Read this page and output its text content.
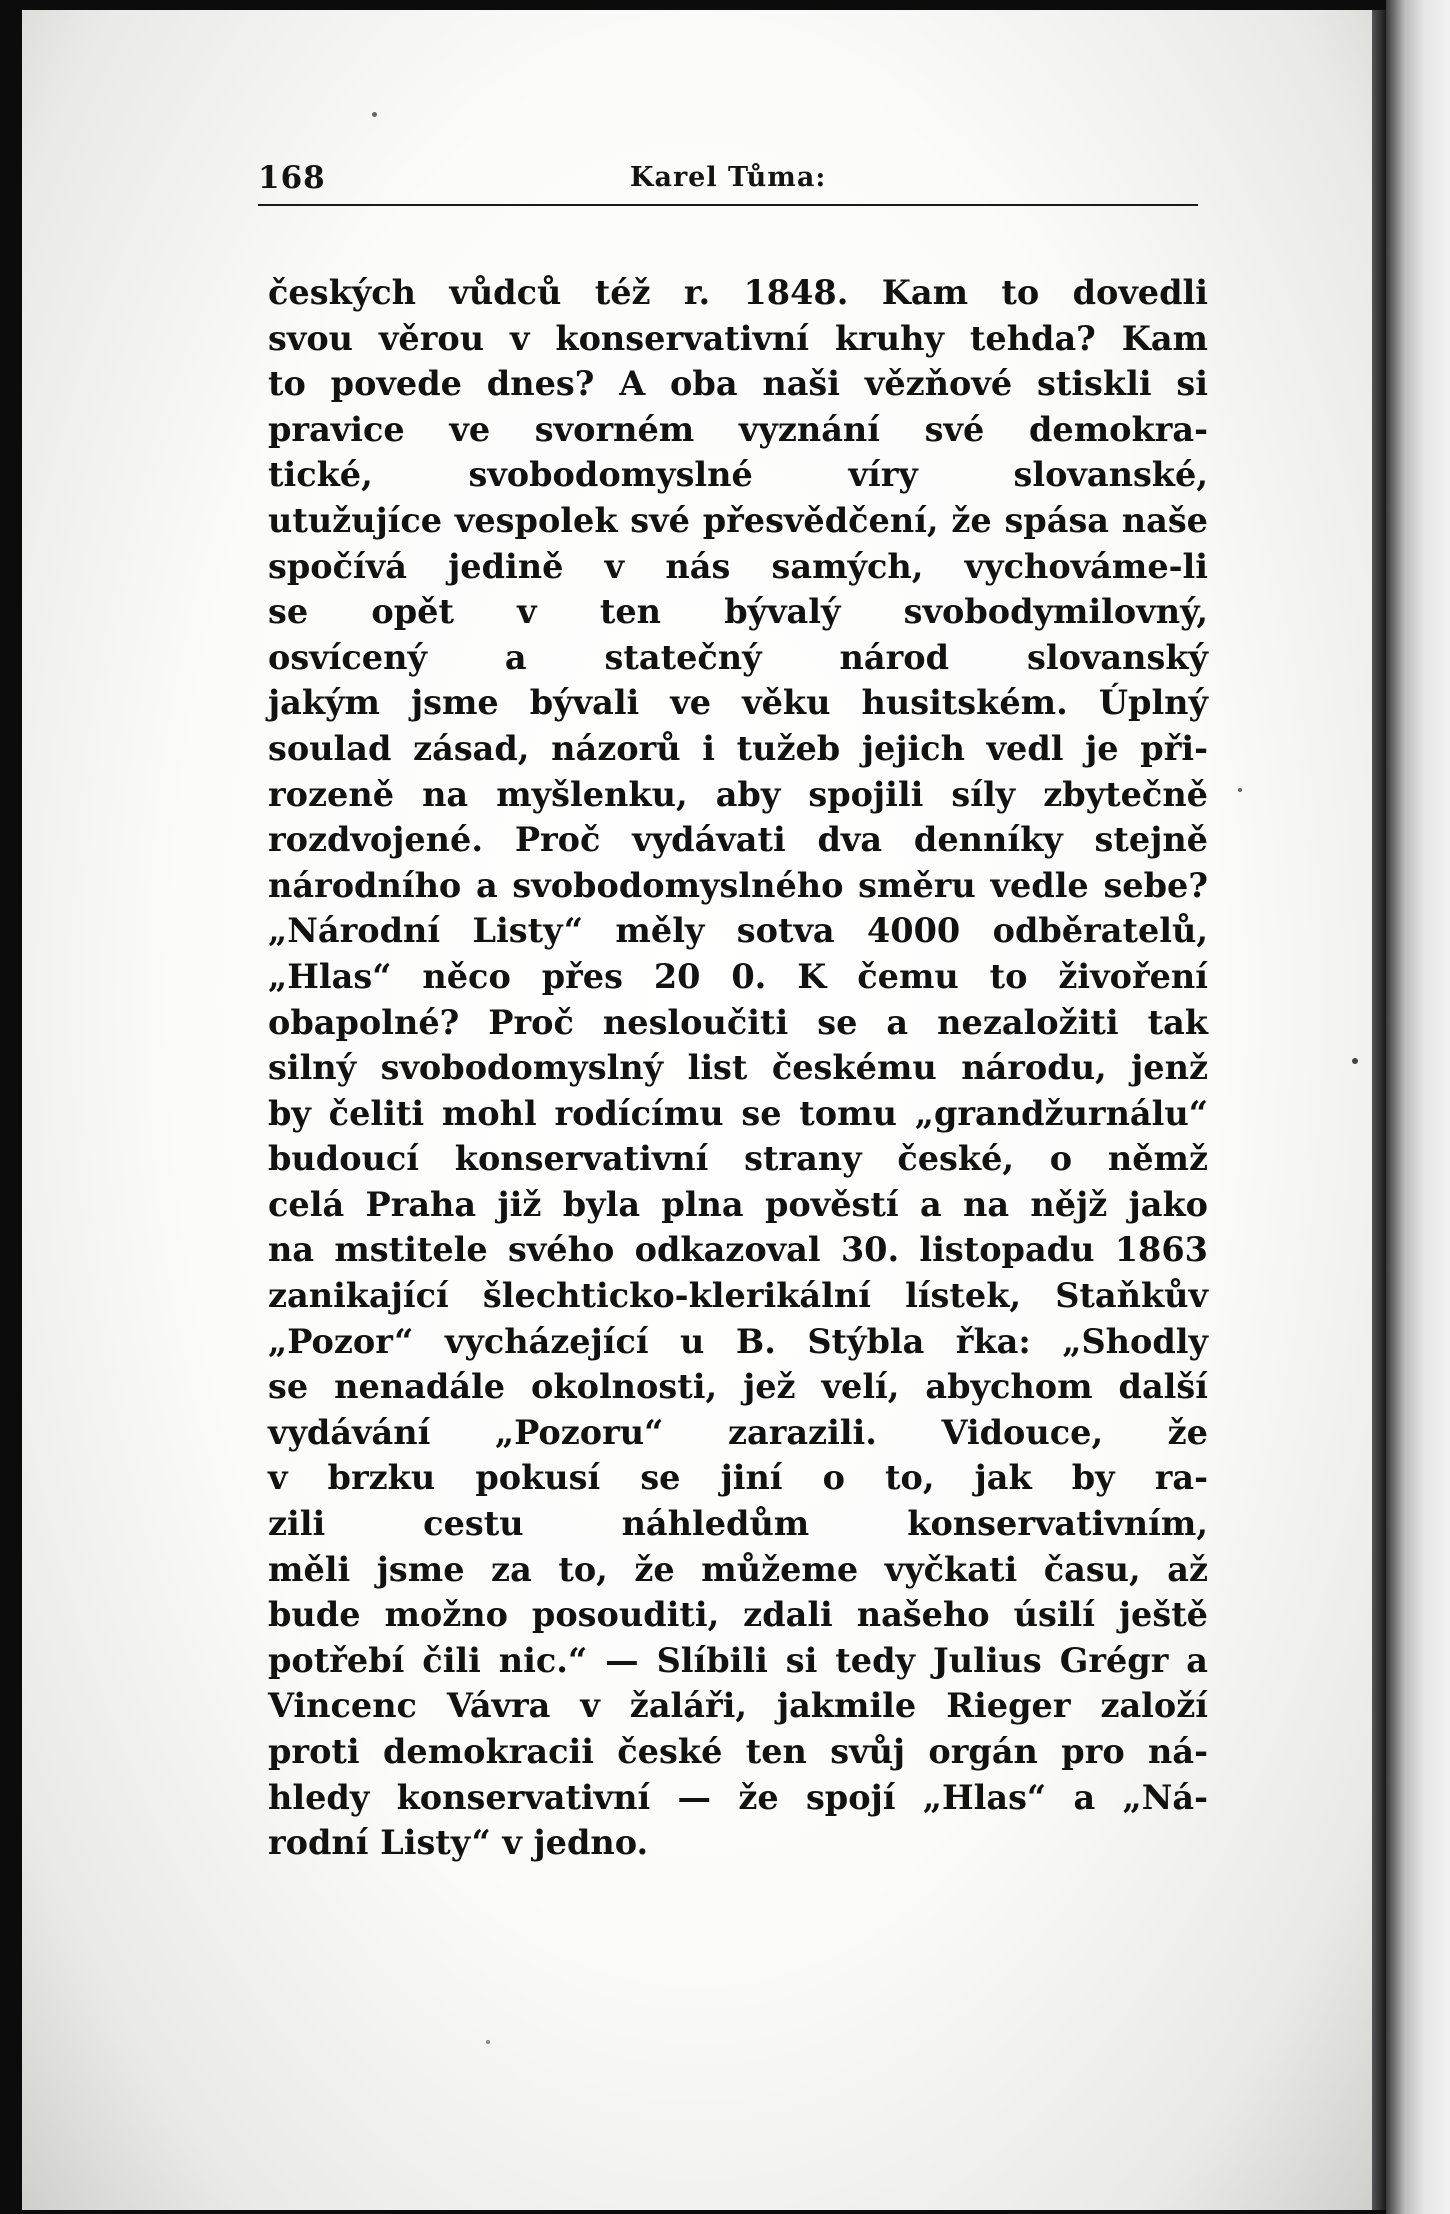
168	Karel Tůma:
českých vůdců též r. 1848. Kam to dovedli
svou věrou v konservativní kruhy tehda? Kam
to povede dnes? A oba naši vězňové stiskli si
pravice ve svorném vyznání své demokra-
tické, svobodomyslné víry slovanské,
utužujíce vespolek své přesvědčení, že spása naše
spočívá jedině v nás samých, vychováme-li
se opět v ten bývalý svobodymilovný,
osvícený a statečný národ slovanský
jakým jsme bývali ve věku husitském. Úplný
soulad zásad, názorů i tužeb jejich vedl je při-
rozeně na myšlenku, aby spojili síly zbytečně
rozdvojené. Proč vydávati dva denníky stejně
národního a svobodomyslného směru vedle sebe?
„Národní Listy“ měly sotva 4000 odběratelů,
„Hlas“ něco přes 20 0. K čemu to živoření
obapolné? Proč nesloučiti se a nezaložiti tak
silný svobodomyslný list českému národu, jenž
by čeliti mohl rodícímu se tomu „grandžurnálu“
budoucí konservativní strany české, o němž
celá Praha již byla plna pověstí a na nějž jako
na mstitele svého odkazoval 30. listopadu 1863
zanikající šlechticko-klerikální lístek, Staňkův
„Pozor“ vycházející u B. Stýbla řka: „Shodly
se nenadále okolnosti, jež velí, abychom další
vydávání „Pozoru“ zarazili. Vidouce, že
v brzku pokusí se jiní o to, jak by ra-
zili cestu náhledům konservativním,
měli jsme za to, že můžeme vyčkati času, až
bude možno posouditi, zdali našeho úsilí ještě
potřebí čili nic.“ — Slíbili si tedy Julius Grégr a
Vincenc Vávra v žaláři, jakmile Rieger založí
proti demokracii české ten svůj orgán pro ná-
hledy konservativní — že spojí „Hlas“ a „Ná-
rodní Listy“ v jedno.
